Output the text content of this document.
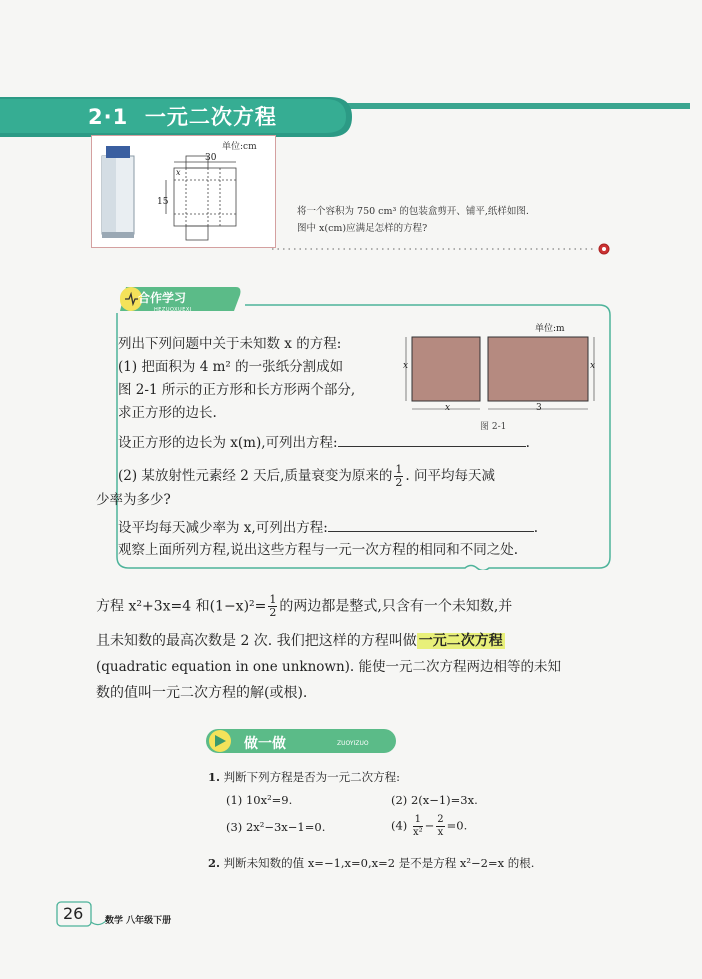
2·1 一元二次方程
单位:cm
30
15
x
将一个容积为 750 cm³ 的包装盒剪开、铺平,纸样如图.
图中 x(cm)应满足怎样的方程?
合作学习
HEZUOXUEXI
列出下列问题中关于未知数 x 的方程:
(1) 把面积为 4 m² 的一张纸分割成如
图 2-1 所示的正方形和长方形两个部分,
求正方形的边长.
设正方形的边长为 x(m),可列出方程:	.
(2) 某放射性元素经 2 天后,质量衰变为原来的 $\frac{1}{2}$ . 问平均每天减
少率为多少?
设平均每天减少率为 x,可列出方程:	.
观察上面所列方程,说出这些方程与一元一次方程的相同和不同之处.
单位:m
x	x
x	3
图 2-1
方程 x²+3x=4 和$(1-x)^2= \frac{1}{2}$ 的两边都是整式,只含有一个未知数,并
且未知数的最高次数是 2 次. 我们把这样的方程叫做 一元二次方程
(quadratic equation in one unknown). 能使一元二次方程两边相等的未知
数的值叫一元二次方程的解(或根).
做一做	ZUOYIZUO
1. 判断下列方程是否为一元二次方程:
(1) 10x²=9.	(2) 2(x−1)=3x.
(3) 2x²−3x−1=0.	$(4) \frac{1}{\text{x²}} - \frac{2}{x} =0$.
2. 判断未知数的值 x=−1,x=0,x=2 是不是方程 x²−2=x 的根.
26 数学 八年级下册
